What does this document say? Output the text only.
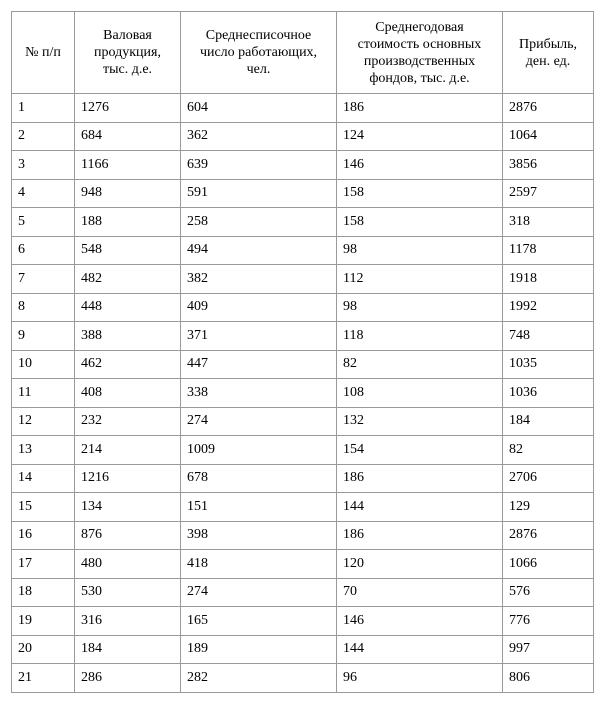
№ п/п	Валовая продукция, тыс. д.е.	Среднесписочное число работающих, чел.	Среднегодовая стоимость основных производственных фондов, тыс. д.е.	Прибыль, ден. ед.
1	1276	604	186	2876
2	684	362	124	1064
3	1166	639	146	3856
4	948	591	158	2597
5	188	258	158	318
6	548	494	98	1178
7	482	382	112	1918
8	448	409	98	1992
9	388	371	118	748
10	462	447	82	1035
11	408	338	108	1036
12	232	274	132	184
13	214	1009	154	82
14	1216	678	186	2706
15	134	151	144	129
16	876	398	186	2876
17	480	418	120	1066
18	530	274	70	576
19	316	165	146	776
20	184	189	144	997
21	286	282	96	806
